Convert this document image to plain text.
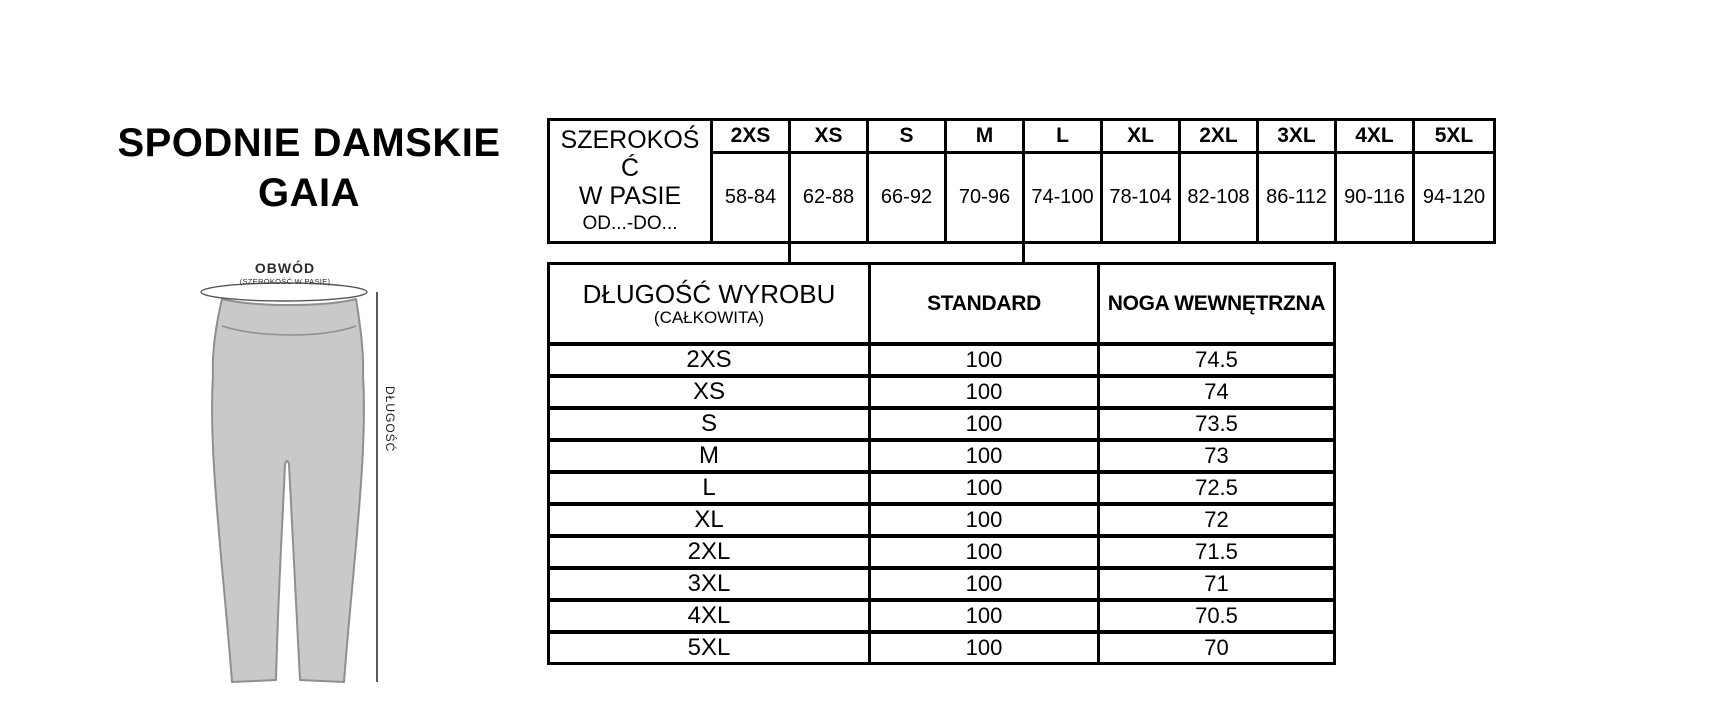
SPODNIE DAMSKIE
GAIA
OBWÓD
(SZEROKOŚĆ W PASIE)
DŁUGOŚĆ
SZEROKOŚ
Ć
W PASIE
OD...-DO...
2XS	XS	S	M	L	XL	2XL	3XL	4XL	5XL
58-84	62-88	66-92	70-96	74-100 78-104 82-108 86-112 90-116 94-120
DŁUGOŚĆ WYROBU
(CAŁKOWITA)
STANDARD	NOGA WEWNĘTRZNA
2XS	100	74.5
XS	100	74
S	100	73.5
M	100	73
L	100	72.5
XL	100	72
2XL	100	71.5
3XL	100	71
4XL	100	70.5
5XL	100	70
